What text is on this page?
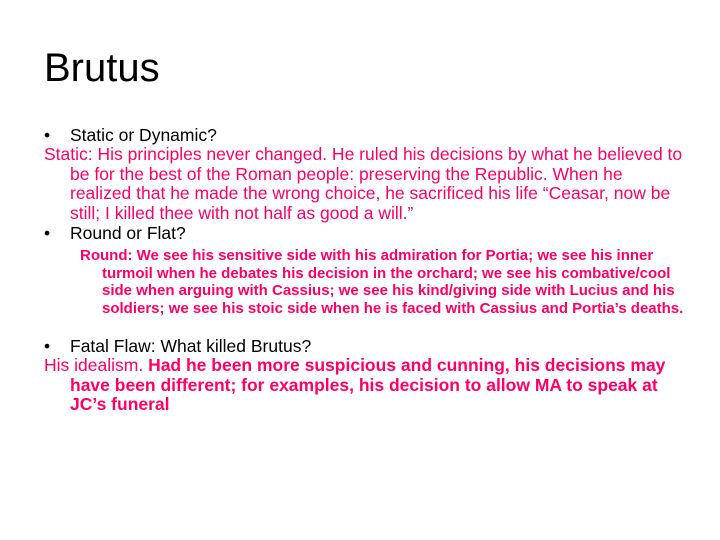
Brutus

• Static or Dynamic?

Static: His principles never changed. He ruled his decisions by what he believed to be for the best of the Roman people: preserving the Republic. When he realized that he made the wrong choice, he sacrificed his life “Ceasar, now be still; I killed thee with not half as good a will.”

• Round or Flat?

Round: We see his sensitive side with his admiration for Portia; we see his inner turmoil when he debates his decision in the orchard; we see his combative/cool side when arguing with Cassius; we see his kind/giving side with Lucius and his soldiers; we see his stoic side when he is faced with Cassius and Portia’s deaths.

• Fatal Flaw: What killed Brutus?

His idealism. Had he been more suspicious and cunning, his decisions may have been different; for examples, his decision to allow MA to speak at JC’s funeral
